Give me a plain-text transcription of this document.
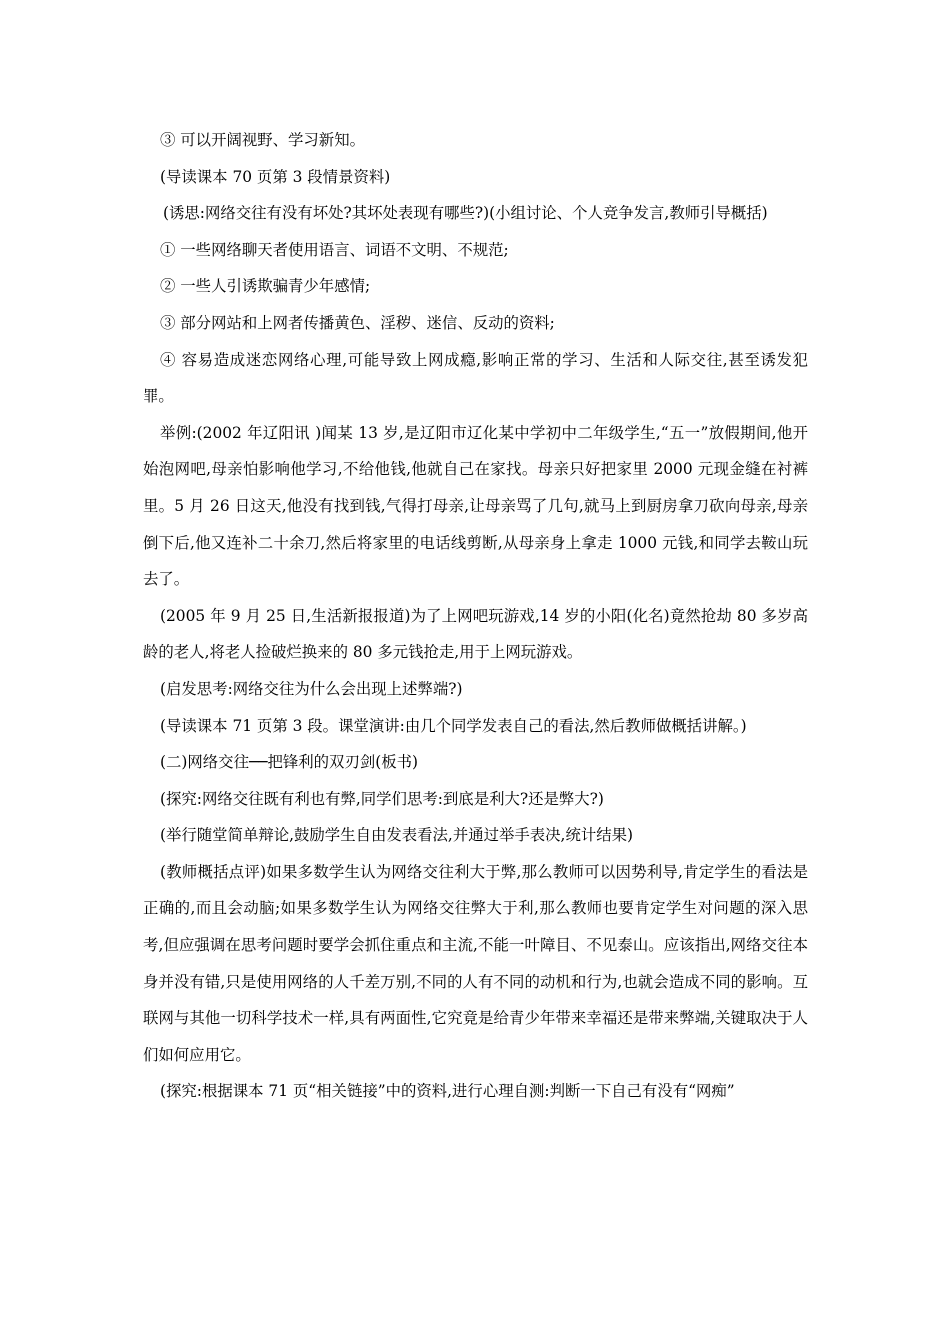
③ 可以开阔视野、学习新知。

(导读课本 70 页第 3 段情景资料)

(诱思:网络交往有没有坏处?其坏处表现有哪些?)(小组讨论、个人竞争发言,教师引导概括)

① 一些网络聊天者使用语言、词语不文明、不规范;

② 一些人引诱欺骗青少年感情;

③ 部分网站和上网者传播黄色、淫秽、迷信、反动的资料;

④ 容易造成迷恋网络心理,可能导致上网成瘾,影响正常的学习、生活和人际交往,甚至诱发犯罪。

举例:(2002 年辽阳讯 )闻某 13 岁,是辽阳市辽化某中学初中二年级学生,“五一”放假期间,他开始泡网吧,母亲怕影响他学习,不给他钱,他就自己在家找。母亲只好把家里 2000 元现金缝在衬裤里。5 月 26 日这天,他没有找到钱,气得打母亲,让母亲骂了几句,就马上到厨房拿刀砍向母亲,母亲倒下后,他又连补二十余刀,然后将家里的电话线剪断,从母亲身上拿走 1000 元钱,和同学去鞍山玩去了。

(2005 年 9 月 25 日,生活新报报道)为了上网吧玩游戏,14 岁的小阳(化名)竟然抢劫 80 多岁高龄的老人,将老人捡破烂换来的 80 多元钱抢走,用于上网玩游戏。

(启发思考:网络交往为什么会出现上述弊端?)

(导读课本 71 页第 3 段。课堂演讲:由几个同学发表自己的看法,然后教师做概括讲解。)

(二)网络交往──把锋利的双刃剑(板书)

(探究:网络交往既有利也有弊,同学们思考:到底是利大?还是弊大?)

(举行随堂简单辩论,鼓励学生自由发表看法,并通过举手表决,统计结果)

(教师概括点评)如果多数学生认为网络交往利大于弊,那么教师可以因势利导,肯定学生的看法是正确的,而且会动脑;如果多数学生认为网络交往弊大于利,那么教师也要肯定学生对问题的深入思考,但应强调在思考问题时要学会抓住重点和主流,不能一叶障目、不见泰山。应该指出,网络交往本身并没有错,只是使用网络的人千差万别,不同的人有不同的动机和行为,也就会造成不同的影响。互联网与其他一切科学技术一样,具有两面性,它究竟是给青少年带来幸福还是带来弊端,关键取决于人们如何应用它。

(探究:根据课本 71 页“相关链接”中的资料,进行心理自测:判断一下自己有没有“网痴”
